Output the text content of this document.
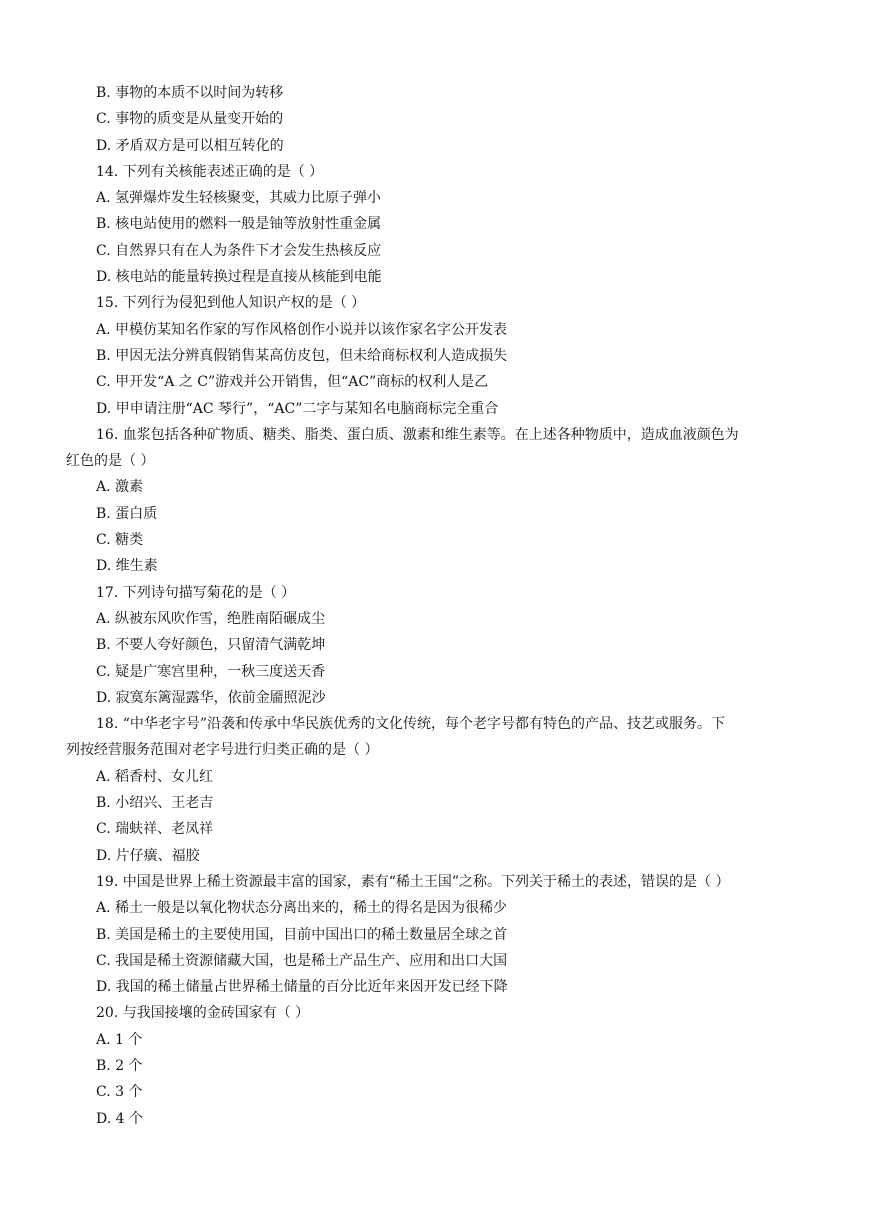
B. 事物的本质不以时间为转移
C. 事物的质变是从量变开始的
D. 矛盾双方是可以相互转化的
14. 下列有关核能表述正确的是（ ）
A. 氢弹爆炸发生轻核聚变，其威力比原子弹小
B. 核电站使用的燃料一般是铀等放射性重金属
C. 自然界只有在人为条件下才会发生热核反应
D. 核电站的能量转换过程是直接从核能到电能
15. 下列行为侵犯到他人知识产权的是（ ）
A. 甲模仿某知名作家的写作风格创作小说并以该作家名字公开发表
B. 甲因无法分辨真假销售某高仿皮包，但未给商标权利人造成损失
C. 甲开发“A 之 C”游戏并公开销售，但“AC”商标的权利人是乙
D. 甲申请注册“AC 琴行”，“AC”二字与某知名电脑商标完全重合
16. 血浆包括各种矿物质、糖类、脂类、蛋白质、激素和维生素等。在上述各种物质中，造成血液颜色为
红色的是（ ）
A. 激素
B. 蛋白质
C. 糖类
D. 维生素
17. 下列诗句描写菊花的是（ ）
A. 纵被东风吹作雪，绝胜南陌碾成尘
B. 不要人夸好颜色，只留清气满乾坤
C. 疑是广寒宫里种，一秋三度送天香
D. 寂寞东篱湿露华，依前金靥照泥沙
18. “中华老字号”沿袭和传承中华民族优秀的文化传统，每个老字号都有特色的产品、技艺或服务。下
列按经营服务范围对老字号进行归类正确的是（ ）
A. 稻香村、女儿红
B. 小绍兴、王老吉
C. 瑞蚨祥、老凤祥
D. 片仔癀、福胶
19. 中国是世界上稀土资源最丰富的国家，素有“稀土王国”之称。下列关于稀土的表述，错误的是（ ）
A. 稀土一般是以氧化物状态分离出来的，稀土的得名是因为很稀少
B. 美国是稀土的主要使用国，目前中国出口的稀土数量居全球之首
C. 我国是稀土资源储藏大国，也是稀土产品生产、应用和出口大国
D. 我国的稀土储量占世界稀土储量的百分比近年来因开发已经下降
20. 与我国接壤的金砖国家有（ ）
A. 1 个
B. 2 个
C. 3 个
D. 4 个
